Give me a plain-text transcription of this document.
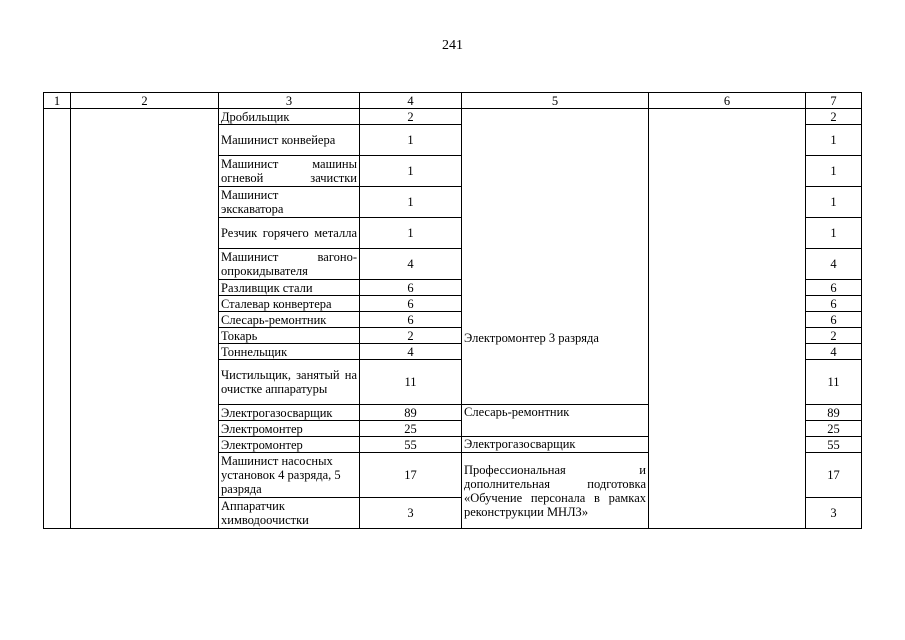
241
1	2	3	4	5	6	7
		Дробильщик	2	Электромонтер 3 разряда		2
		Машинист конвейера	1			1
		Машинист машины огневой зачистки	1			1
		Машинист экскаватора	1			1
		Резчик горячего металла	1			1
		Машинист вагоно-опрокидывателя	4			4
		Разливщик стали	6			6
		Сталевар конвертера	6			6
		Слесарь-ремонтник	6			6
		Токарь	2			2
		Тоннельщик	4			4
		Чистильщик, занятый на очистке аппаратуры	11			11
		Электрогазосварщик	89	Слесарь-ремонтник		89
		Электромонтер	25			25
		Электромонтер	55	Электрогазосварщик		55
		Машинист насосных установок 4 разряда, 5 разряда	17	Профессиональная и дополнительная подготовка «Обучение персонала в рамках реконструкции МНЛЗ»		17
		Аппаратчик химводоочистки	3			3
